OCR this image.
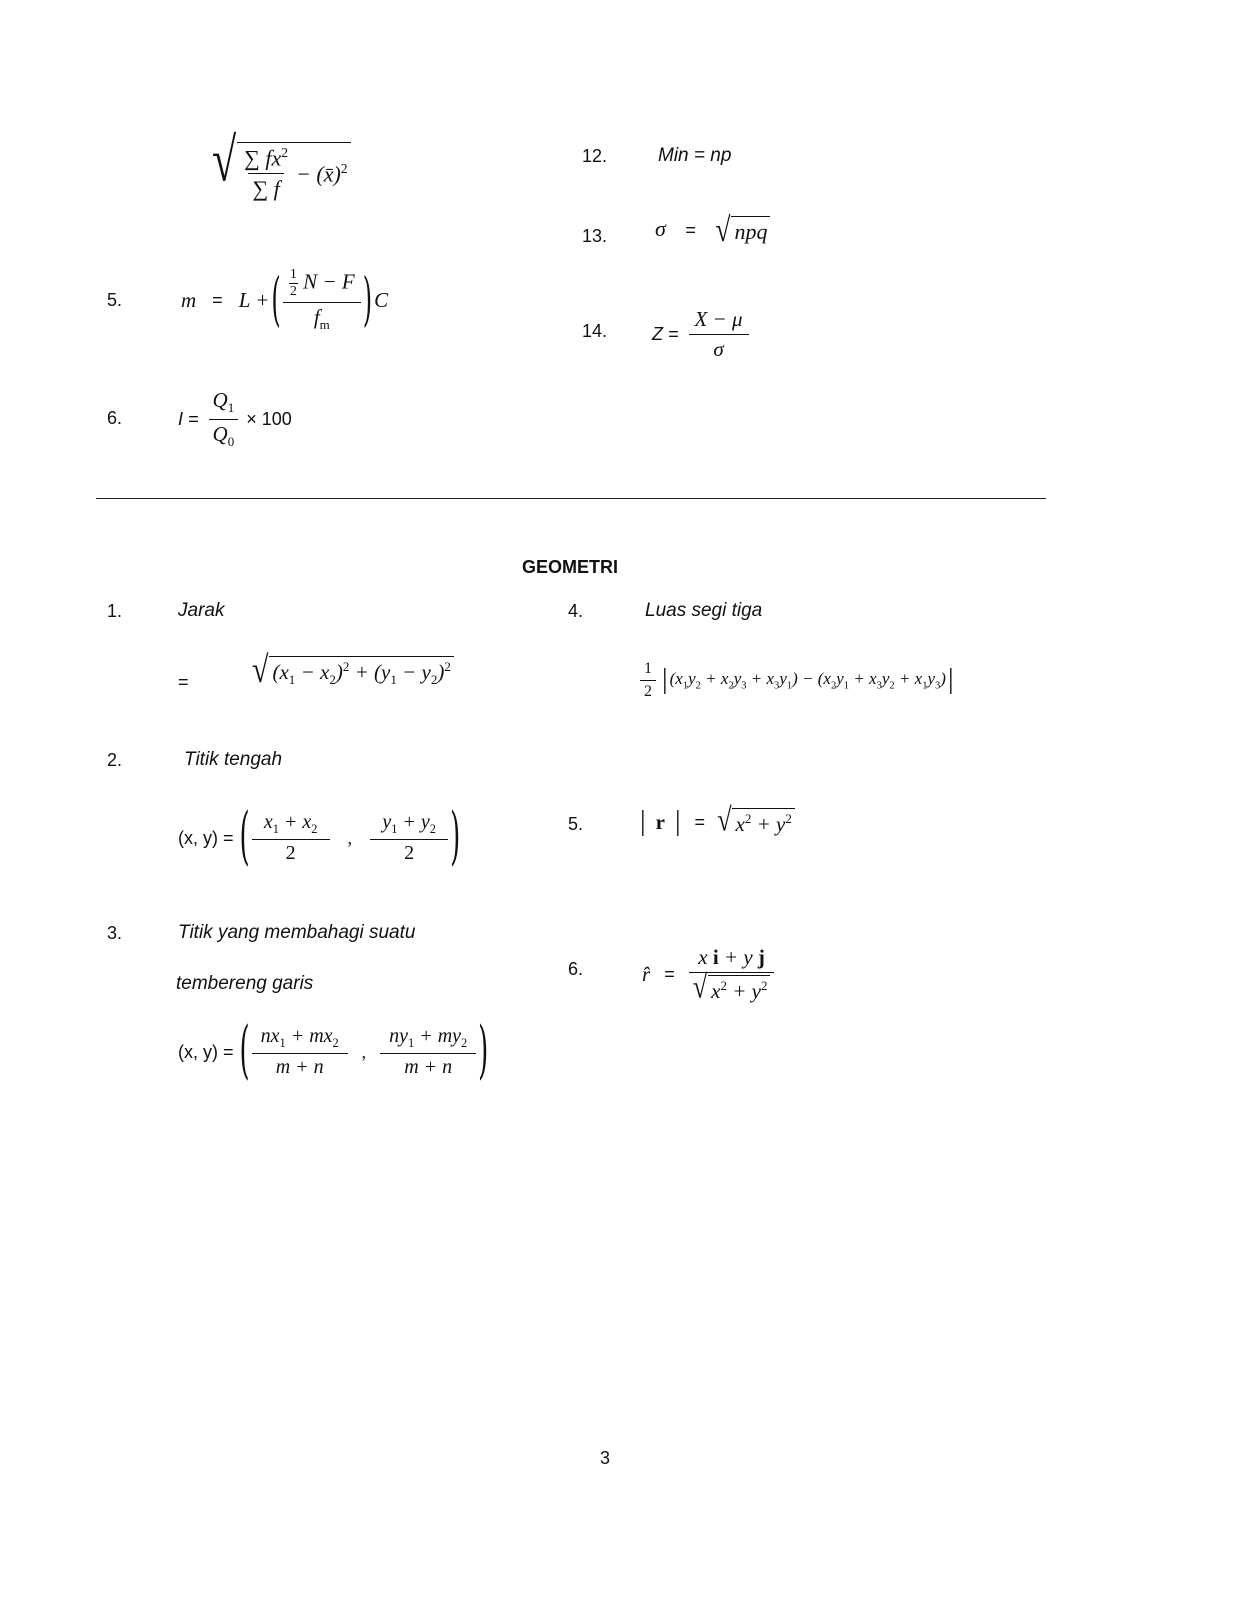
√ $\frac{\sum fx^2}{\sum f}$ − (x̄)$^2$
12.	Min = np
13. σ = √ npq
5.	m = L + ( $\frac{\frac{1}{2} N - F}{f_m}$ ) C
14. $Z = \frac{X - \mu}{\sigma}$
6.	$I = \frac{Q_1}{Q_0} \times 100$
GEOMETRI
1.	Jarak
= √ $(x_1 - x_2)^2 + (y_1 - y_2)^2$
4.	Luas segi tiga
$\frac{1}{2}$ | $(x_1y_2 + x_2y_3 + x_3y_1) - (x_2y_1 + x_3y_2 + x_1y_3)$ |
2.	Titik tengah
(x, y) = ( $\frac{x_1 + x_2}{2}$ , $\frac{y_1 + y_2}{2}$ )	5. | r | = √ $x^2 + y^2$
3.	Titik yang membahagi suatu
tembereng garis
(x, y) = ( $\frac{nx_1 + mx_2}{m + n}$ , $\frac{ny_1 + my_2}{m + n}$ )
6.	r̂ = $\frac{\text{x i + y j}}{√ x^2 + y^2}$
3
